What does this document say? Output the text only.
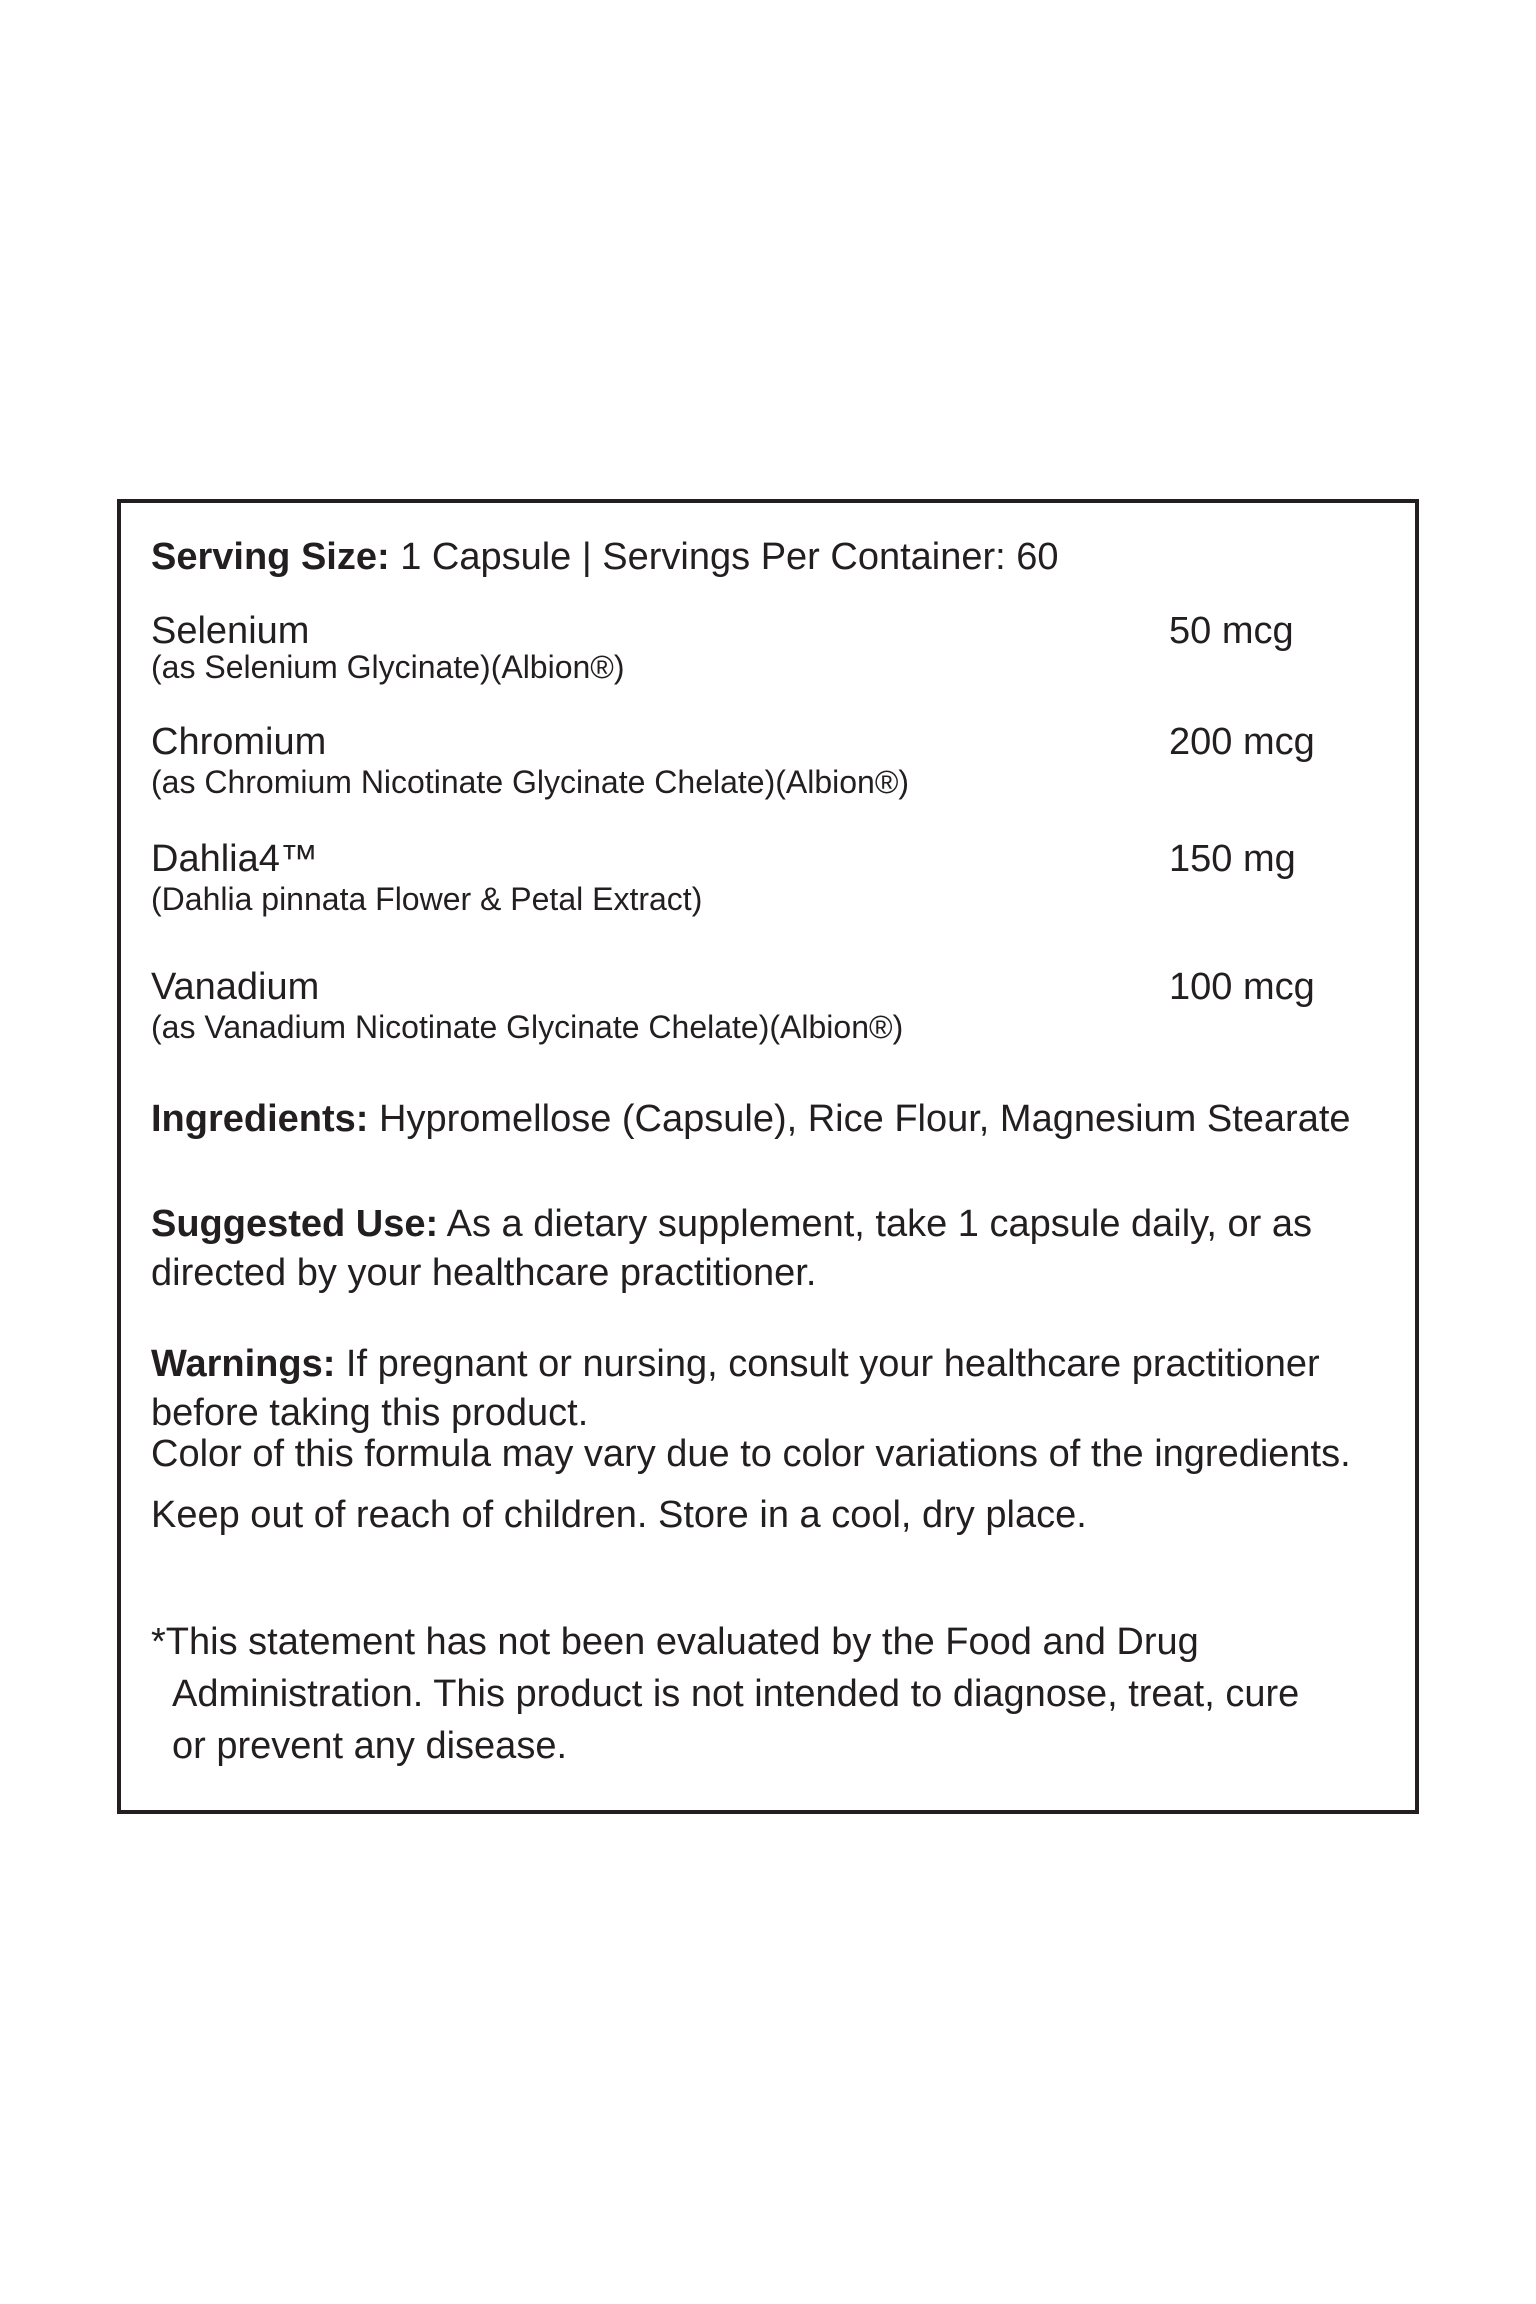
Serving Size: 1 Capsule | Servings Per Container: 60
Selenium
(as Selenium Glycinate)(Albion®)
50 mcg
Chromium
(as Chromium Nicotinate Glycinate Chelate)(Albion®)
200 mcg
Dahlia4™
(Dahlia pinnata Flower & Petal Extract)
150 mg
Vanadium
(as Vanadium Nicotinate Glycinate Chelate)(Albion®)
100 mcg
Ingredients: Hypromellose (Capsule), Rice Flour, Magnesium Stearate
Suggested Use: As a dietary supplement, take 1 capsule daily, or as directed by your healthcare practitioner.
Warnings: If pregnant or nursing, consult your healthcare practitioner before taking this product.
Color of this formula may vary due to color variations of the ingredients.
Keep out of reach of children. Store in a cool, dry place.
*This statement has not been evaluated by the Food and Drug
Administration. This product is not intended to diagnose, treat, cure
or prevent any disease.
